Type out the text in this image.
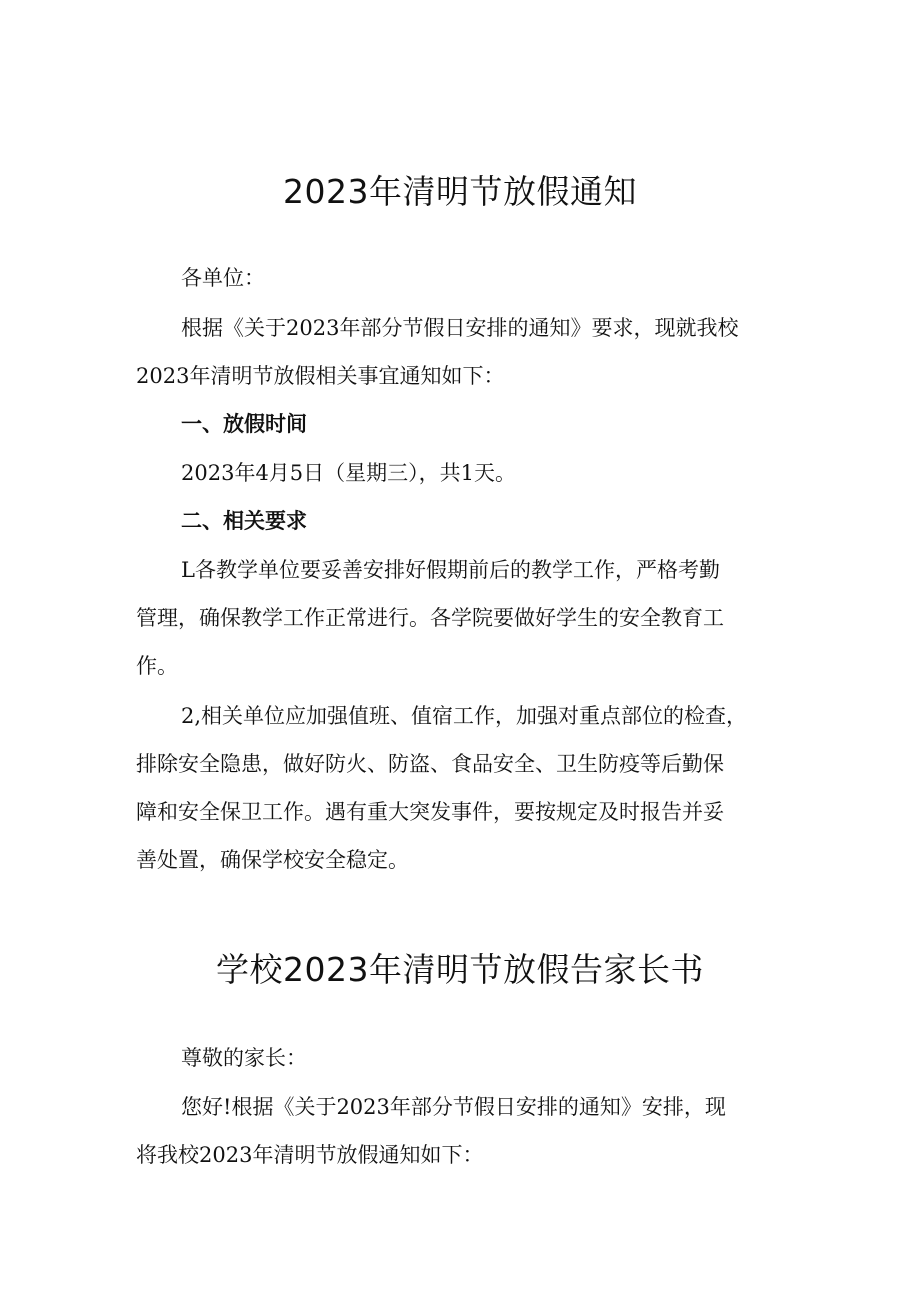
2023年清明节放假通知

各单位：

根据《关于2023年部分节假日安排的通知》要求，现就我校

2023年清明节放假相关事宜通知如下：

一、放假时间

2023年4月5日（星期三），共1天。

二、相关要求

L各教学单位要妥善安排好假期前后的教学工作，严格考勤

管理，确保教学工作正常进行。各学院要做好学生的安全教育工

作。

2,相关单位应加强值班、值宿工作，加强对重点部位的检查，

排除安全隐患，做好防火、防盗、食品安全、卫生防疫等后勤保

障和安全保卫工作。遇有重大突发事件，要按规定及时报告并妥

善处置，确保学校安全稳定。

学校2023年清明节放假告家长书

尊敬的家长：

您好!根据《关于2023年部分节假日安排的通知》安排，现

将我校2023年清明节放假通知如下：
